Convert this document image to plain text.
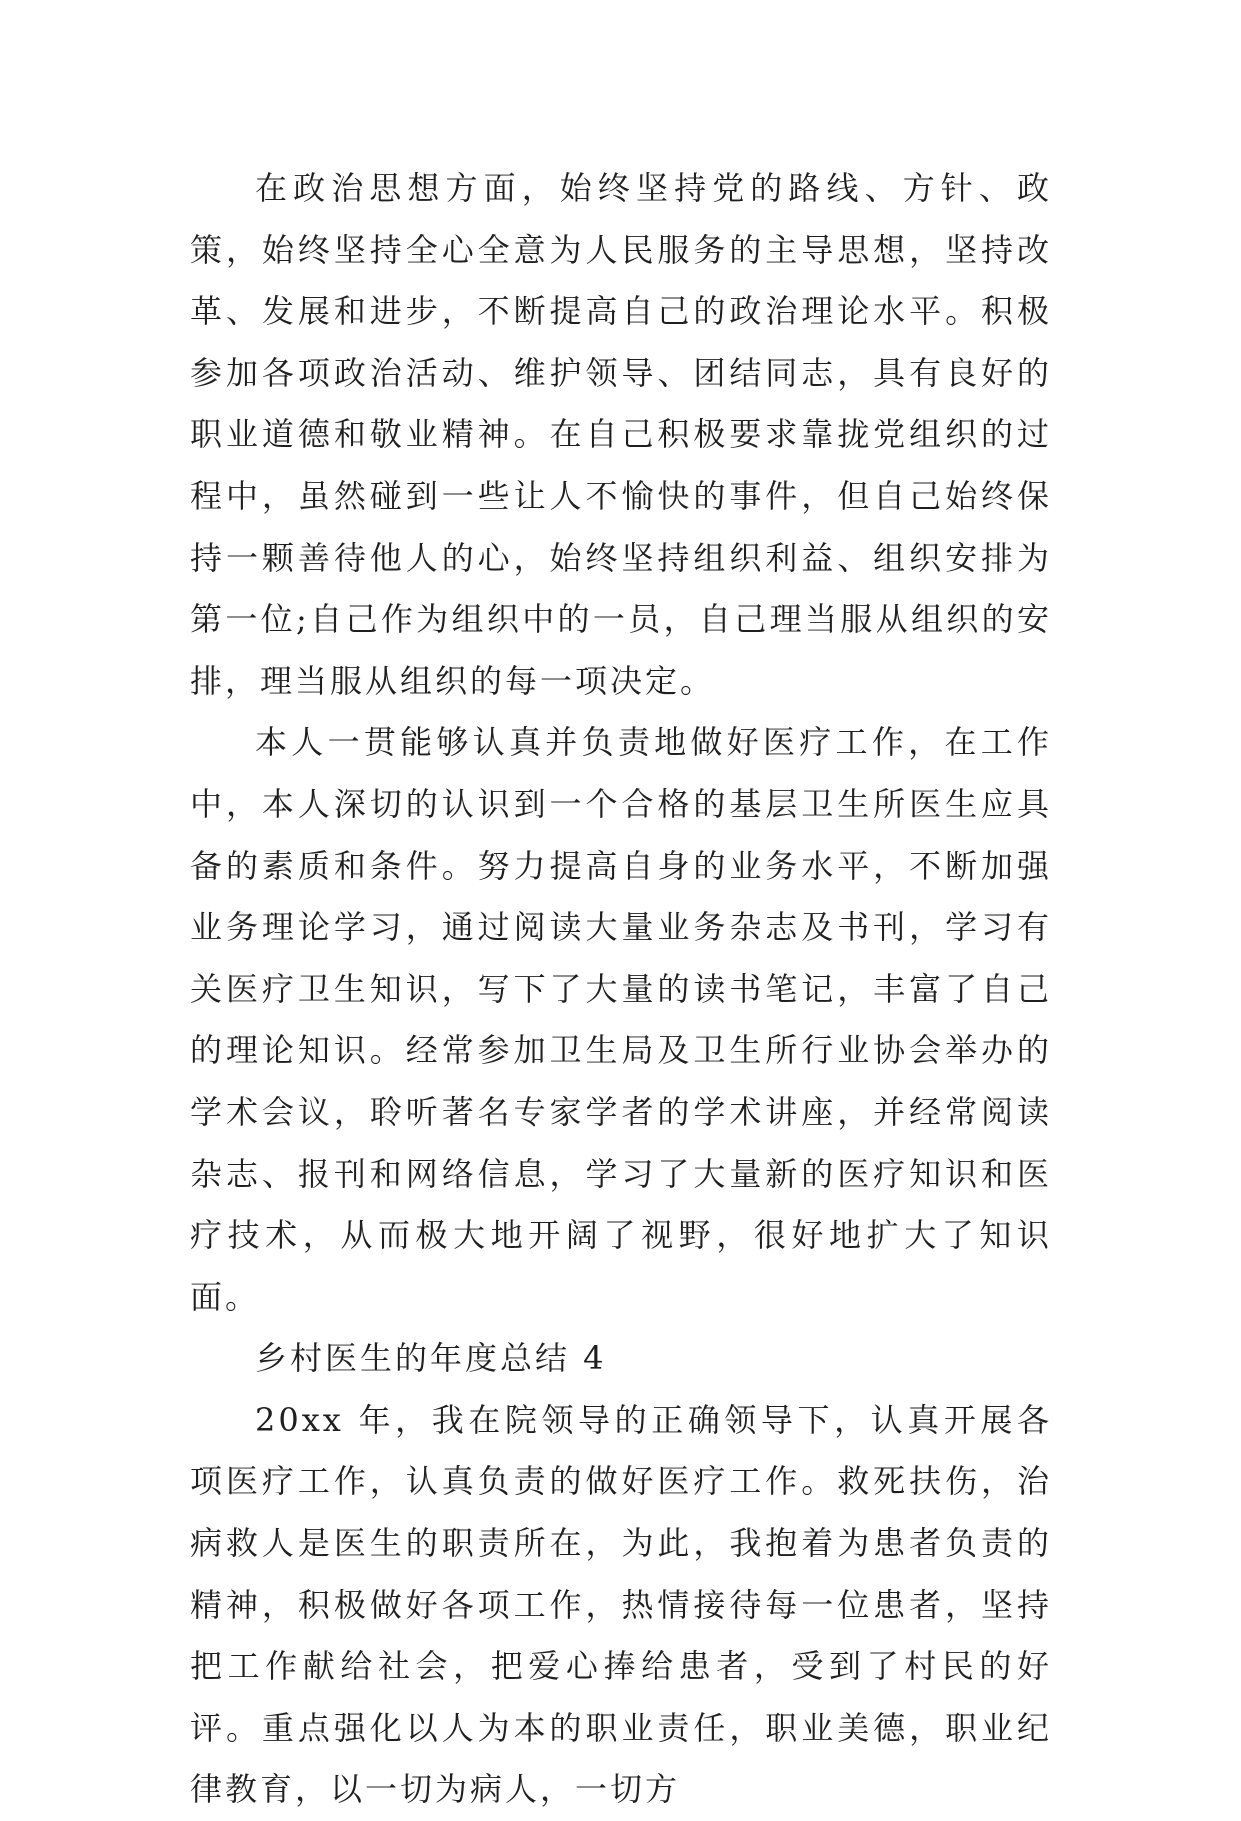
在政治思想方面，始终坚持党的路线、方针、政策，始终坚持全心全意为人民服务的主导思想，坚持改革、发展和进步，不断提高自己的政治理论水平。积极参加各项政治活动、维护领导、团结同志，具有良好的职业道德和敬业精神。在自己积极要求靠拢党组织的过程中，虽然碰到一些让人不愉快的事件，但自己始终保持一颗善待他人的心，始终坚持组织利益、组织安排为第一位;自己作为组织中的一员，自己理当服从组织的安排，理当服从组织的每一项决定。

本人一贯能够认真并负责地做好医疗工作，在工作中，本人深切的认识到一个合格的基层卫生所医生应具备的素质和条件。努力提高自身的业务水平，不断加强业务理论学习，通过阅读大量业务杂志及书刊，学习有关医疗卫生知识，写下了大量的读书笔记，丰富了自己的理论知识。经常参加卫生局及卫生所行业协会举办的学术会议，聆听著名专家学者的学术讲座，并经常阅读杂志、报刊和网络信息，学习了大量新的医疗知识和医疗技术，从而极大地开阔了视野，很好地扩大了知识面。

乡村医生的年度总结 4

20xx 年，我在院领导的正确领导下，认真开展各项医疗工作，认真负责的做好医疗工作。救死扶伤，治病救人是医生的职责所在，为此，我抱着为患者负责的精神，积极做好各项工作，热情接待每一位患者，坚持把工作献给社会，把爱心捧给患者，受到了村民的好评。重点强化以人为本的职业责任，职业美德，职业纪律教育，以一切为病人，一切方
